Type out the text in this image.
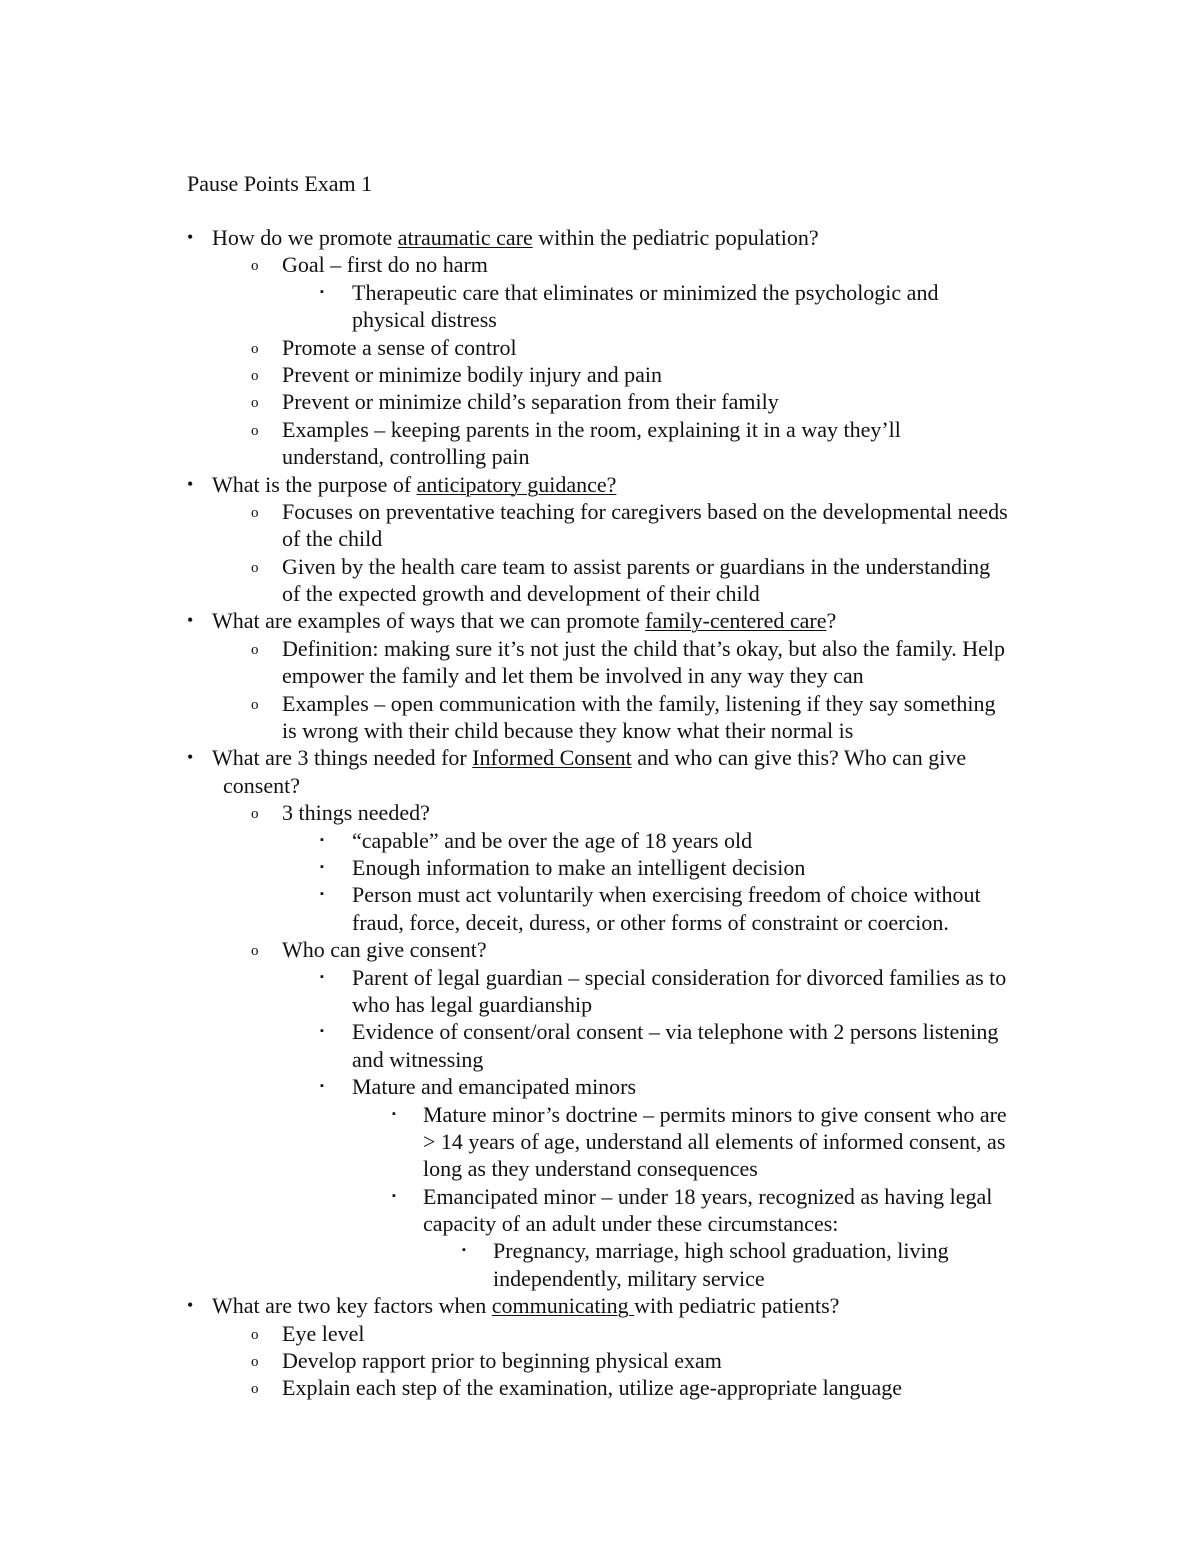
Pause Points Exam 1
• How do we promote atraumatic care within the pediatric population?
o Goal – first do no harm
▪ Therapeutic care that eliminates or minimized the psychologic and
physical distress
o Promote a sense of control
o Prevent or minimize bodily injury and pain
o Prevent or minimize child’s separation from their family
o Examples – keeping parents in the room, explaining it in a way they’ll
understand, controlling pain
• What is the purpose of anticipatory guidance?
o Focuses on preventative teaching for caregivers based on the developmental needs
of the child
o Given by the health care team to assist parents or guardians in the understanding
of the expected growth and development of their child
• What are examples of ways that we can promote family-centered care?
o Definition: making sure it’s not just the child that’s okay, but also the family. Help
empower the family and let them be involved in any way they can
o Examples – open communication with the family, listening if they say something
is wrong with their child because they know what their normal is
• What are 3 things needed for Informed Consent and who can give this? Who can give
consent?
o 3 things needed?
▪ “capable” and be over the age of 18 years old
▪ Enough information to make an intelligent decision
▪ Person must act voluntarily when exercising freedom of choice without
fraud, force, deceit, duress, or other forms of constraint or coercion.
o Who can give consent?
▪ Parent of legal guardian – special consideration for divorced families as to
who has legal guardianship
▪ Evidence of consent/oral consent – via telephone with 2 persons listening
and witnessing
▪ Mature and emancipated minors
▪ Mature minor’s doctrine – permits minors to give consent who are
> 14 years of age, understand all elements of informed consent, as
long as they understand consequences
▪ Emancipated minor – under 18 years, recognized as having legal
capacity of an adult under these circumstances:
▪ Pregnancy, marriage, high school graduation, living
independently, military service
• What are two key factors when communicating with pediatric patients?
o Eye level
o Develop rapport prior to beginning physical exam
o Explain each step of the examination, utilize age-appropriate language
